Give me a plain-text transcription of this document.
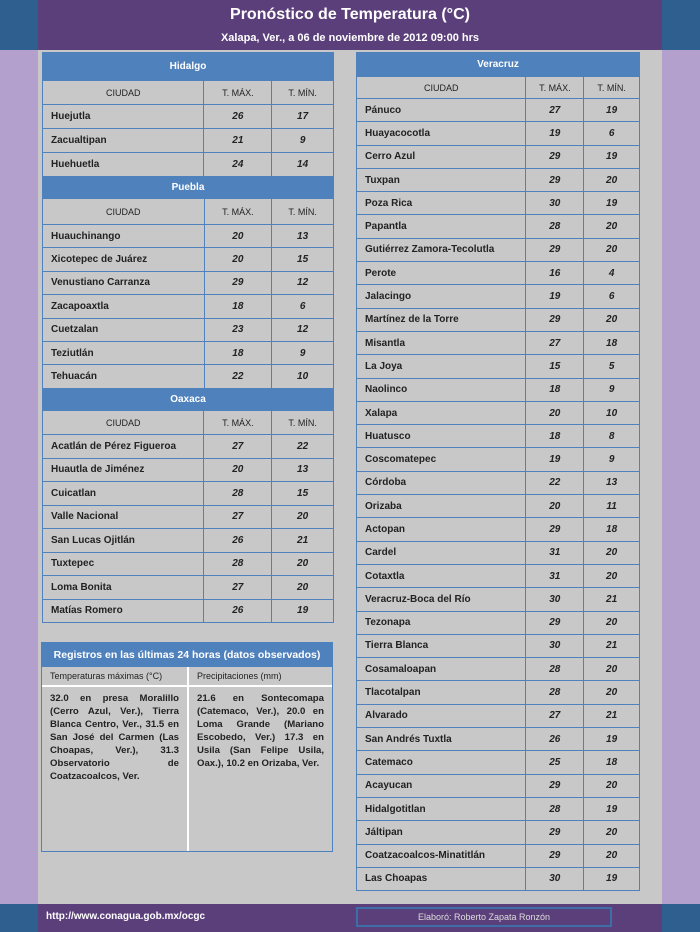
Pronóstico de Temperatura (°C)
Xalapa, Ver., a 06 de noviembre de 2012 09:00 hrs
Hidalgo		
CIUDAD	T. MÁX.	T. MÍN.
Huejutla	26	17
Zacualtipan	21	9
Huehuetla	24	14
Puebla		
CIUDAD	T. MÁX.	T. MÍN.
Huauchinango	20	13
Xicotepec de Juárez	20	15
Venustiano Carranza	29	12
Zacapoaxtla	18	6
Cuetzalan	23	12
Teziutlán	18	9
Tehuacán	22	10
Oaxaca		
CIUDAD	T. MÁX.	T. MÍN.
Acatlán de Pérez Figueroa	27	22
Huautla de Jiménez	20	13
Cuicatlan	28	15
Valle Nacional	27	20
San Lucas Ojitlán	26	21
Tuxtepec	28	20
Loma Bonita	27	20
Matías Romero	26	19
Veracruz		
CIUDAD	T. MÁX.	T. MÍN.
Pánuco	27	19
Huayacocotla	19	6
Cerro Azul	29	19
Tuxpan	29	20
Poza Rica	30	19
Papantla	28	20
Gutiérrez Zamora-Tecolutla	29	20
Perote	16	4
Jalacingo	19	6
Martínez de la Torre	29	20
Misantla	27	18
La Joya	15	5
Naolinco	18	9
Xalapa	20	10
Huatusco	18	8
Coscomatepec	19	9
Córdoba	22	13
Orizaba	20	11
Actopan	29	18
Cardel	31	20
Cotaxtla	31	20
Veracruz-Boca del Río	30	21
Tezonapa	29	20
Tierra Blanca	30	21
Cosamaloapan	28	20
Tlacotalpan	28	20
Alvarado	27	21
San Andrés Tuxtla	26	19
Catemaco	25	18
Acayucan	29	20
Hidalgotitlan	28	19
Jáltipan	29	20
Coatzacoalcos-Minatitlán	29	20
Las Choapas	30	19
Registros en las últimas 24 horas (datos observados)
Temperaturas máximas (°C)
32.0 en presa Moralillo (Cerro Azul, Ver.), Tierra Blanca Centro, Ver., 31.5 en San José del Carmen (Las Choapas, Ver.), 31.3 Observatorio de Coatzacoalcos, Ver.
Precipitaciones (mm)
21.6 en Sontecomapa (Catemaco, Ver.), 20.0 en Loma Grande (Mariano Escobedo, Ver.) 17.3 en Usila (San Felipe Usila, Oax.), 10.2 en Orizaba, Ver.
http://www.conagua.gob.mx/ocgc	Elaboró: Roberto Zapata Ronzón
